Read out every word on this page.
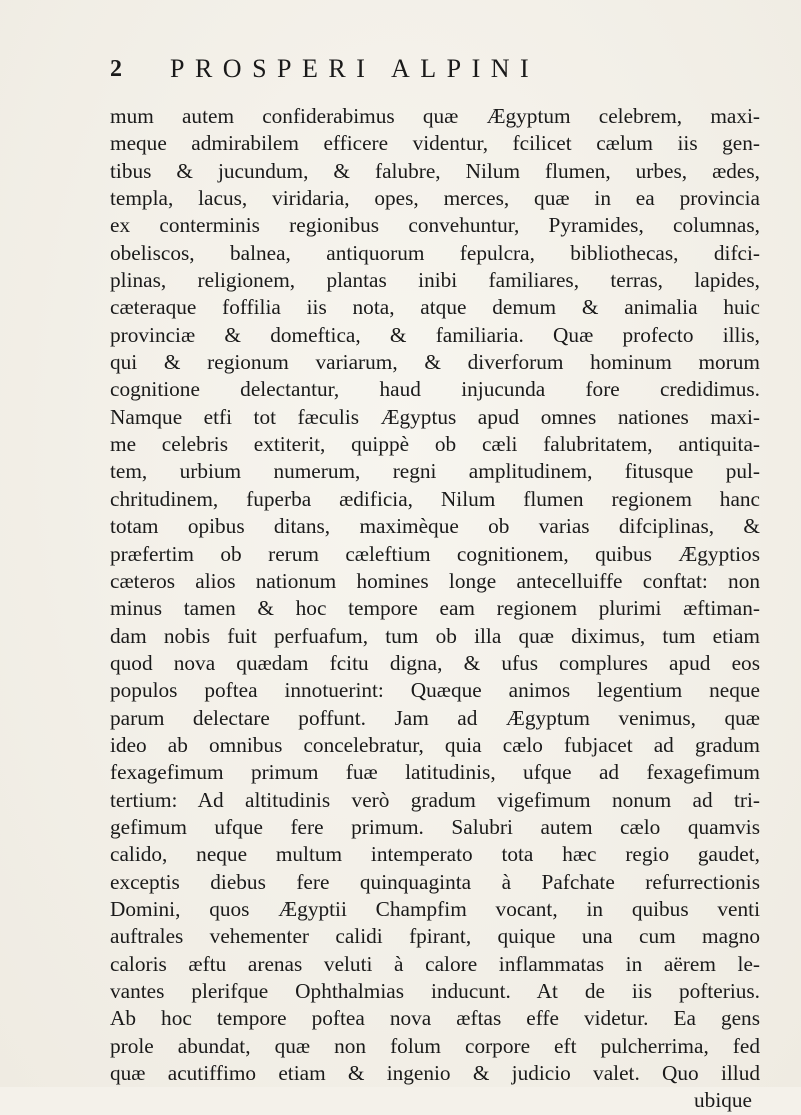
2 PROSPERI ALPINI
mum autem confiderabimus quæ Ægyptum celebrem, maxi-
meque admirabilem efficere videntur, fcilicet cælum iis gen-
tibus & jucundum, & falubre, Nilum flumen, urbes, ædes,
templa, lacus, viridaria, opes, merces, quæ in ea provincia
ex conterminis regionibus convehuntur, Pyramides, columnas,
obeliscos, balnea, antiquorum fepulcra, bibliothecas, difci-
plinas, religionem, plantas inibi familiares, terras, lapides,
cæteraque foffilia iis nota, atque demum & animalia huic
provinciæ & domeftica, & familiaria. Quæ profecto illis,
qui & regionum variarum, & diverforum hominum morum
cognitione delectantur, haud injucunda fore credidimus.
Namque etfi tot fæculis Ægyptus apud omnes nationes maxi-
me celebris extiterit, quippè ob cæli falubritatem, antiquita-
tem, urbium numerum, regni amplitudinem, fitusque pul-
chritudinem, fuperba ædificia, Nilum flumen regionem hanc
totam opibus ditans, maximèque ob varias difciplinas, &
præfertim ob rerum cæleftium cognitionem, quibus Ægyptios
cæteros alios nationum homines longe antecelluiffe conftat: non
minus tamen & hoc tempore eam regionem plurimi æftiman-
dam nobis fuit perfuafum, tum ob illa quæ diximus, tum etiam
quod nova quædam fcitu digna, & ufus complures apud eos
populos poftea innotuerint: Quæque animos legentium neque
parum delectare poffunt. Jam ad Ægyptum venimus, quæ
ideo ab omnibus concelebratur, quia cælo fubjacet ad gradum
fexagefimum primum fuæ latitudinis, ufque ad fexagefimum
tertium: Ad altitudinis verò gradum vigefimum nonum ad tri-
gefimum ufque fere primum. Salubri autem cælo quamvis
calido, neque multum intemperato tota hæc regio gaudet,
exceptis diebus fere quinquaginta à Pafchate refurrectionis
Domini, quos Ægyptii Champfim vocant, in quibus venti
auftrales vehementer calidi fpirant, quique una cum magno
caloris æftu arenas veluti à calore inflammatas in aërem le-
vantes plerifque Ophthalmias inducunt. At de iis pofterius.
Ab hoc tempore poftea nova æftas effe videtur. Ea gens
prole abundat, quæ non folum corpore eft pulcherrima, fed
quæ acutiffimo etiam & ingenio & judicio valet. Quo illud
ubique
